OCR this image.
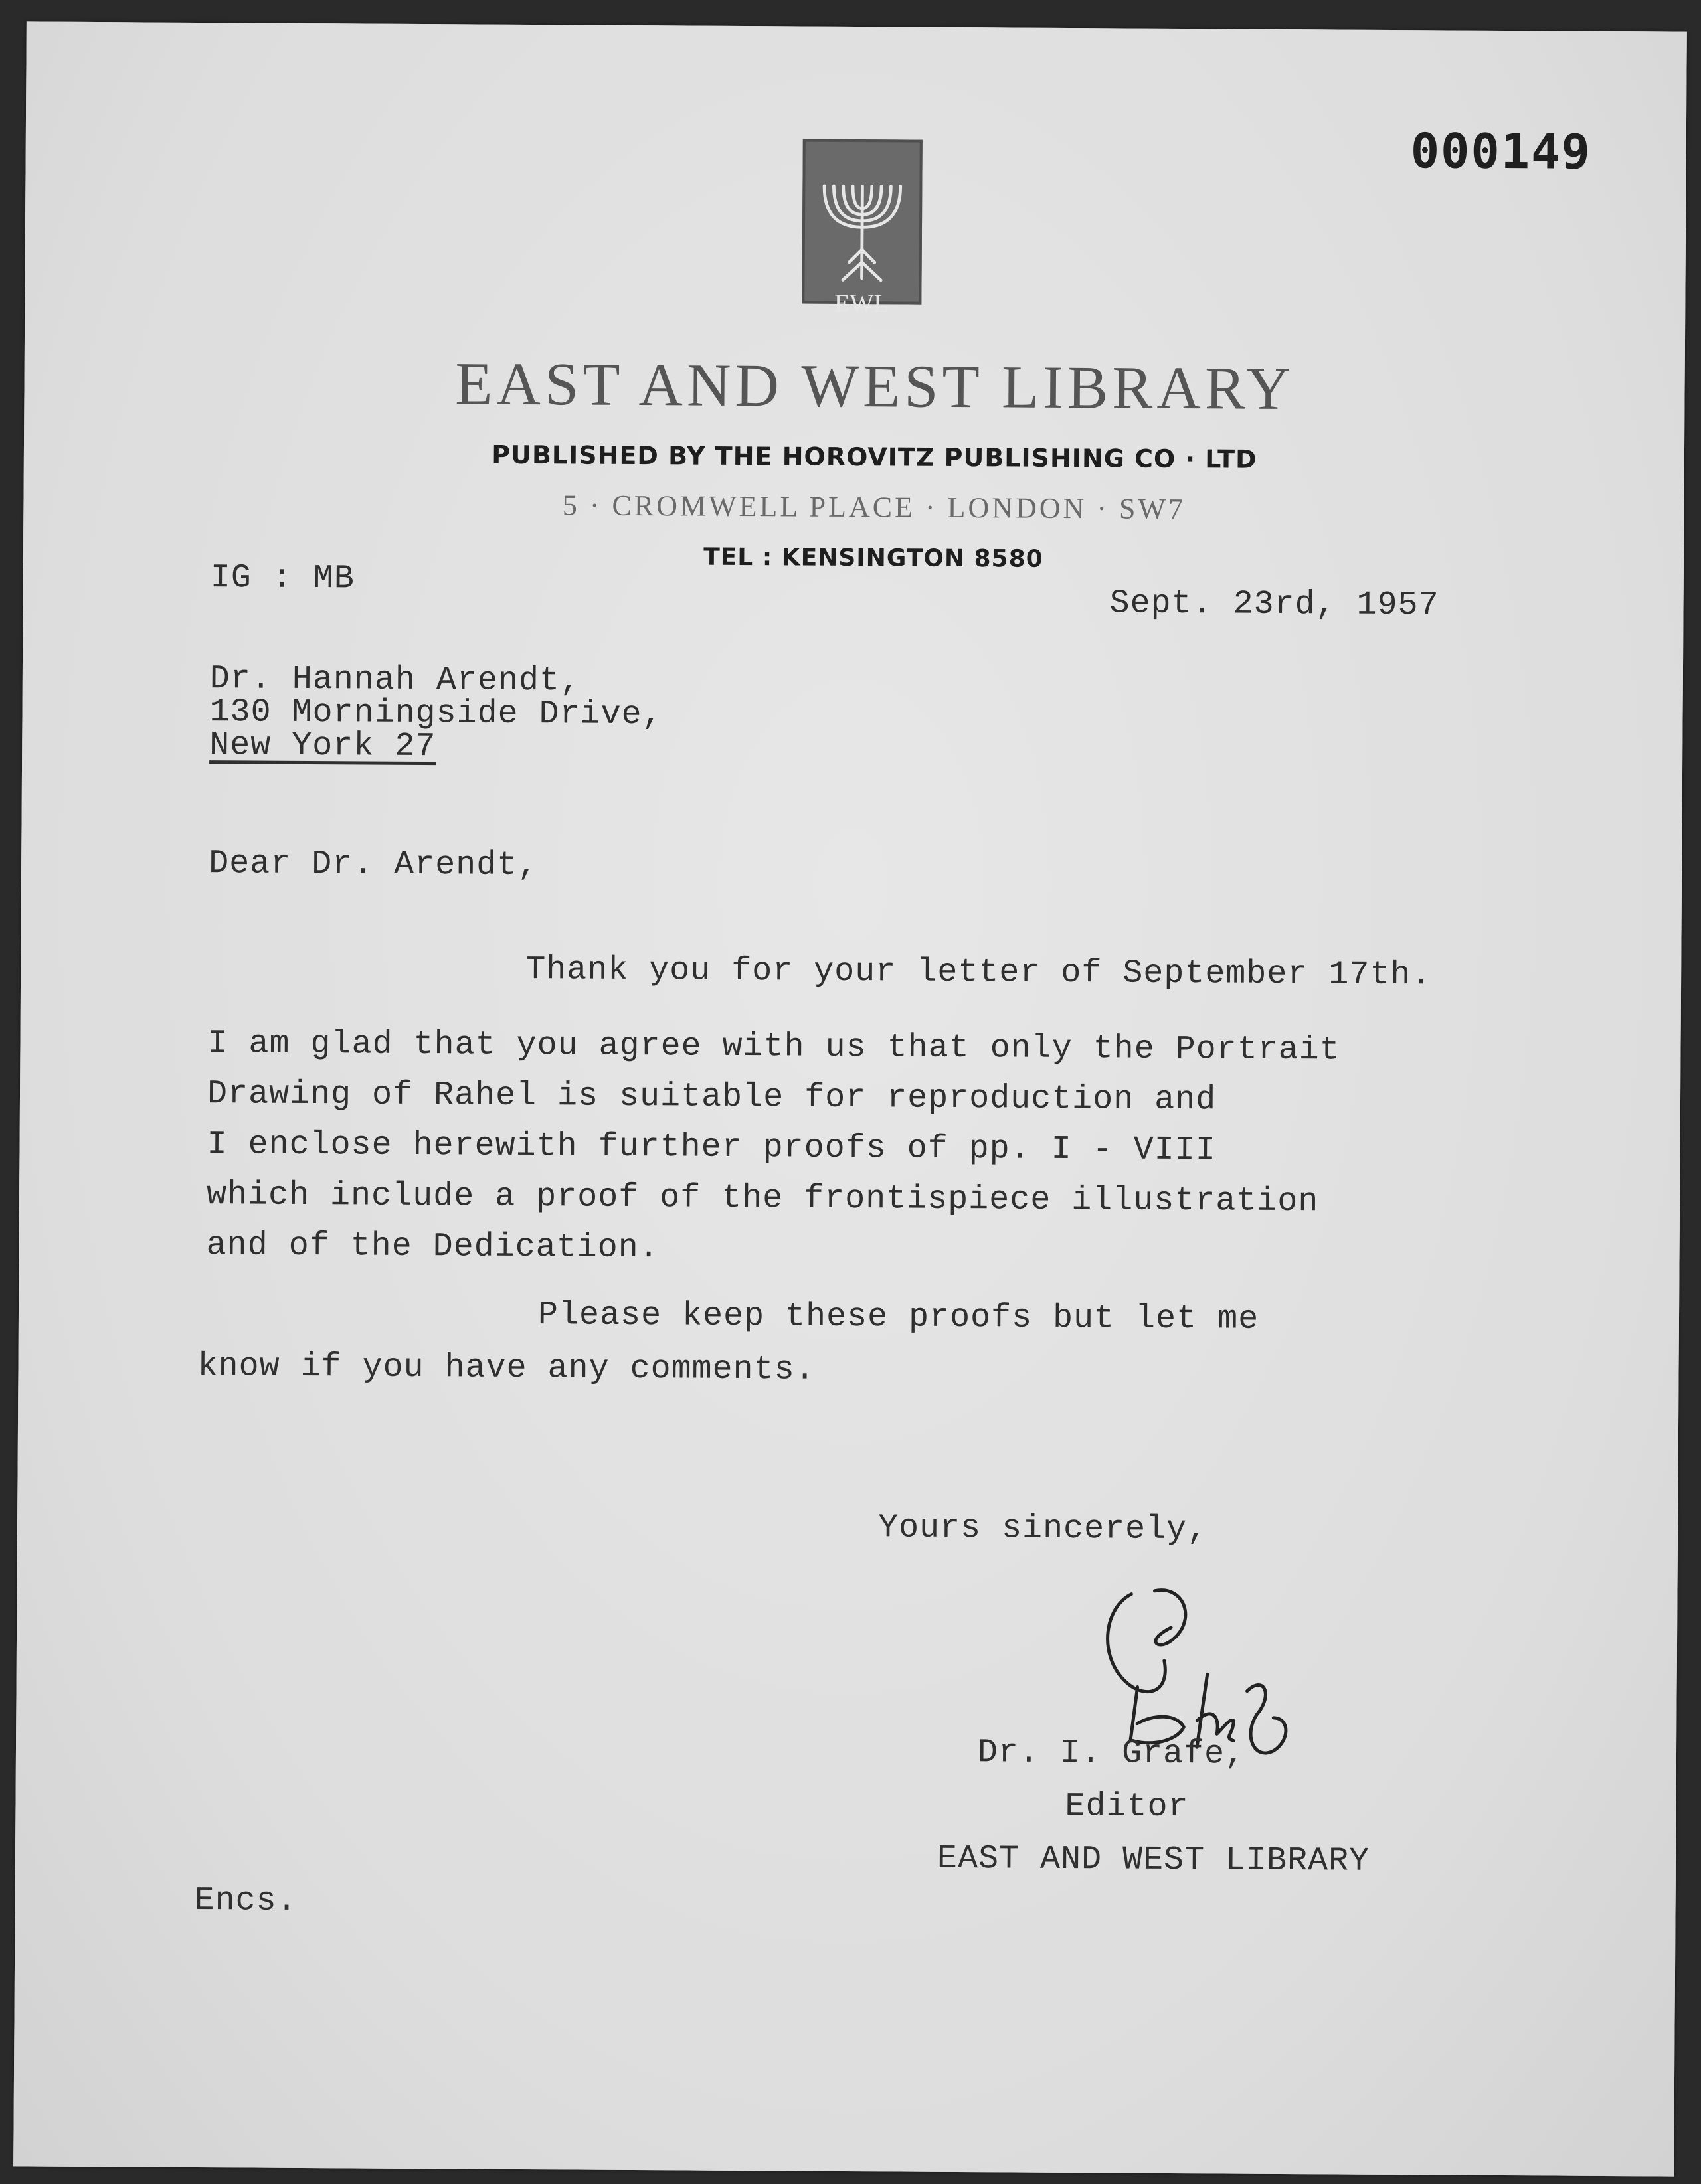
000149

EWL

EAST AND WEST LIBRARY
PUBLISHED BY THE HOROVITZ PUBLISHING CO · LTD
5 · CROMWELL PLACE · LONDON · SW7
TEL : KENSINGTON 8580
IG : MB
Sept. 23rd, 1957
Dr. Hannah Arendt,
130 Morningside Drive,
New York 27
Dear Dr. Arendt,
Thank you for your letter of September 17th.
I am glad that you agree with us that only the Portrait
Drawing of Rahel is suitable for reproduction and
I enclose herewith further proofs of pp. I - VIII
which include a proof of the frontispiece illustration
and of the Dedication.
Please keep these proofs but let me
know if you have any comments.
Yours sincerely,

Dr. I. Grafe,
Editor
EAST AND WEST LIBRARY
Encs.
